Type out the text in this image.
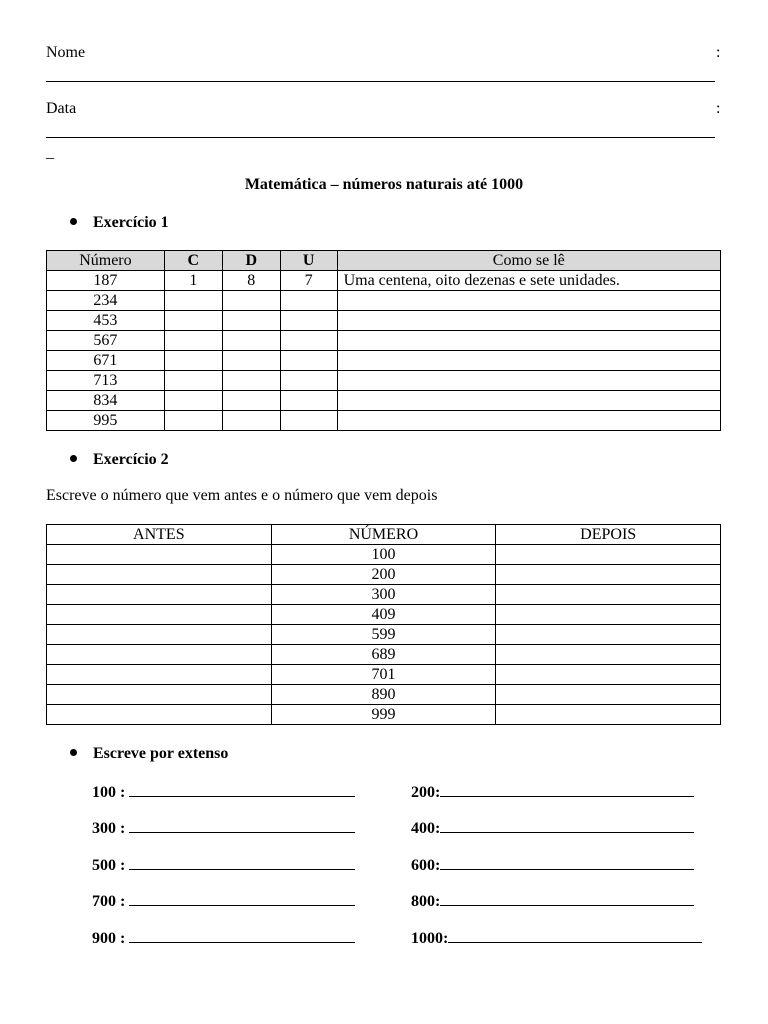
Nome	:
Data	:
_
Matemática – números naturais até 1000
Exercício 1
Número	C	D	U	Como se lê
187	1	8	7	Uma centena, oito dezenas e sete unidades.
234				
453				
567				
671				
713				
834				
995				
Exercício 2
Escreve o número que vem antes e o número que vem depois
ANTES	NÚMERO	DEPOIS
	100	
	200	
	300	
	409	
	599	
	689	
	701	
	890	
	999	
Escreve por extenso
100 :	200:
300 :	400:
500 :	600:
700 :	800:
900 :	1000:
